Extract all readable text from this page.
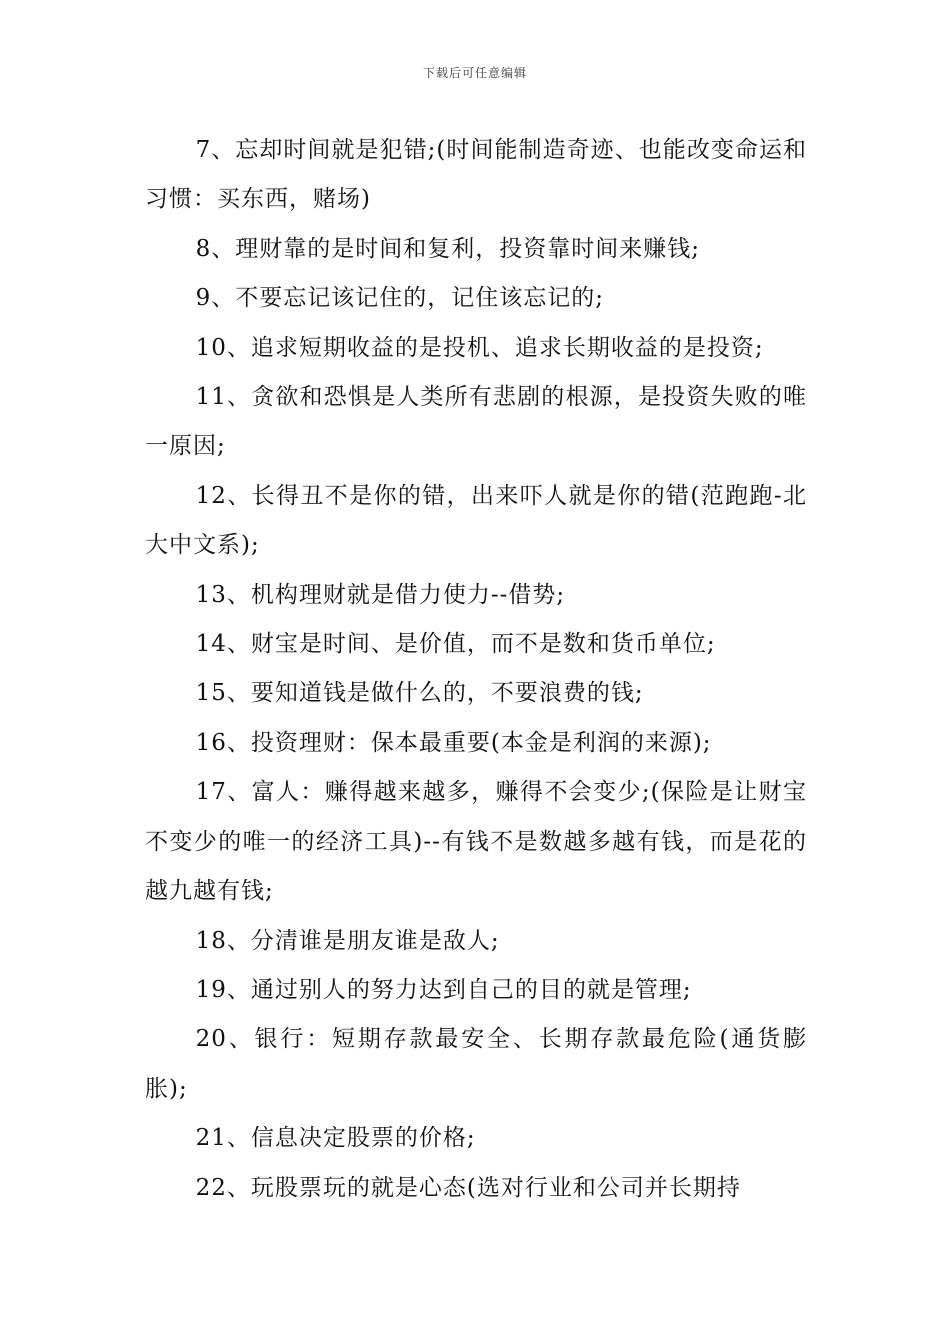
下载后可任意编辑

7、忘却时间就是犯错;(时间能制造奇迹、也能改变命运和习惯：买东西，赌场)

8、理财靠的是时间和复利，投资靠时间来赚钱;

9、不要忘记该记住的，记住该忘记的;

10、追求短期收益的是投机、追求长期收益的是投资;

11、贪欲和恐惧是人类所有悲剧的根源，是投资失败的唯一原因;

12、长得丑不是你的错，出来吓人就是你的错(范跑跑-北大中文系);

13、机构理财就是借力使力--借势;

14、财宝是时间、是价值，而不是数和货币单位;

15、要知道钱是做什么的，不要浪费的钱;

16、投资理财：保本最重要(本金是利润的来源);

17、富人：赚得越来越多，赚得不会变少;(保险是让财宝不变少的唯一的经济工具)--有钱不是数越多越有钱，而是花的越九越有钱;

18、分清谁是朋友谁是敌人;

19、通过别人的努力达到自己的目的就是管理;

20、银行：短期存款最安全、长期存款最危险(通货膨胀);

21、信息决定股票的价格;

22、玩股票玩的就是心态(选对行业和公司并长期持
